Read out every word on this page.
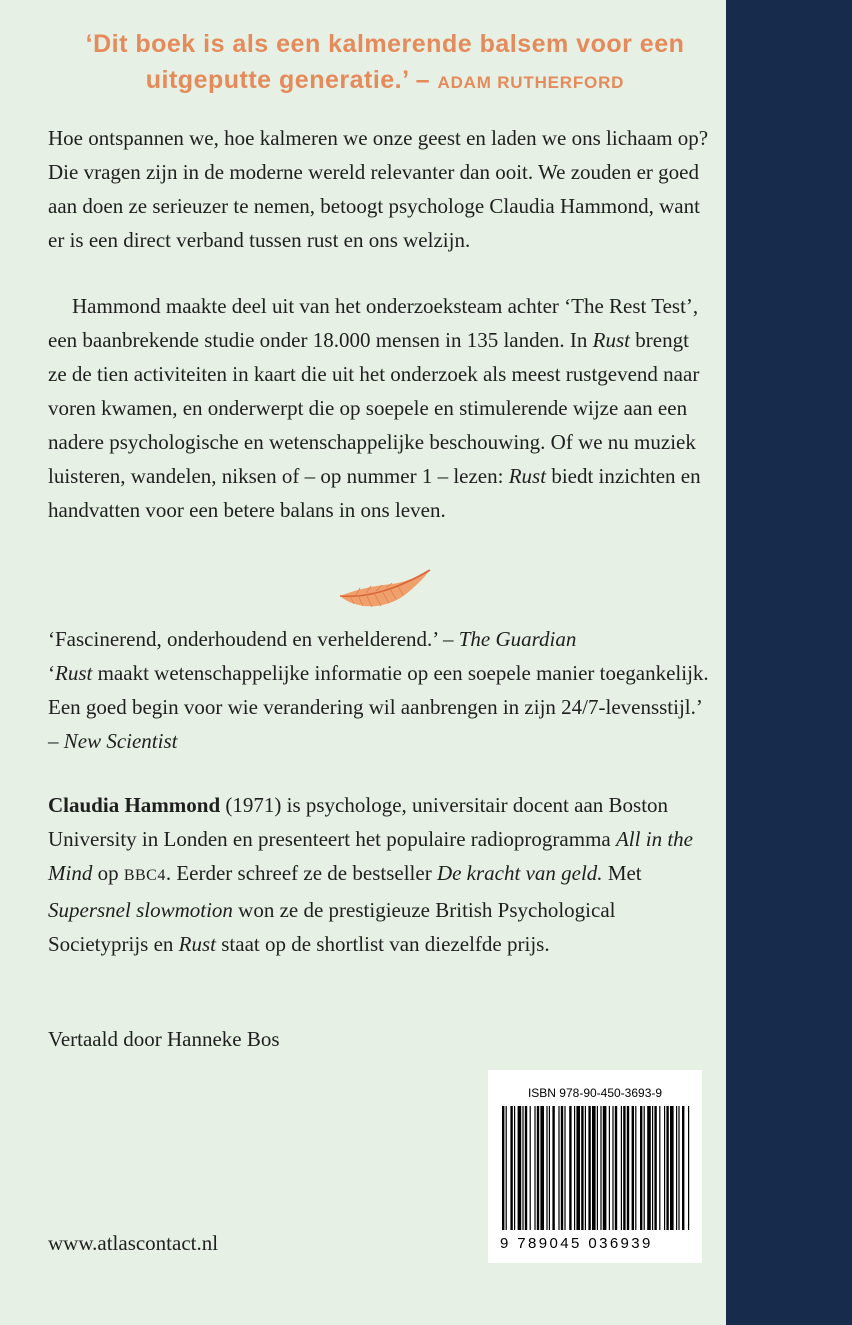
‘Dit boek is als een kalmerende balsem voor een uitgeputte generatie.’ – ADAM RUTHERFORD

Hoe ontspannen we, hoe kalmeren we onze geest en laden we ons lichaam op? Die vragen zijn in de moderne wereld relevanter dan ooit. We zouden er goed aan doen ze serieuzer te nemen, betoogt psychologe Claudia Hammond, want er is een direct verband tussen rust en ons welzijn.

Hammond maakte deel uit van het onderzoeksteam achter ‘The Rest Test’, een baanbrekende studie onder 18.000 mensen in 135 landen. In Rust brengt ze de tien activiteiten in kaart die uit het onderzoek als meest rustgevend naar voren kwamen, en onderwerpt die op soepele en stimulerende wijze aan een nadere psychologische en wetenschappelijke beschouwing. Of we nu muziek luisteren, wandelen, niksen of – op nummer 1 – lezen: Rust biedt inzichten en handvatten voor een betere balans in ons leven.

‘Fascinerend, onderhoudend en verhelderend.’ – The Guardian
‘Rust maakt wetenschappelijke informatie op een soepele manier toegankelijk. Een goed begin voor wie verandering wil aanbrengen in zijn 24/7-levensstijl.’ – New Scientist

Claudia Hammond (1971) is psychologe, universitair docent aan Boston University in Londen en presenteert het populaire radioprogramma All in the Mind op BBC4. Eerder schreef ze de bestseller De kracht van geld. Met Supersnel slowmotion won ze de prestigieuze British Psychological Societyprijs en Rust staat op de shortlist van diezelfde prijs.

Vertaald door Hanneke Bos

www.atlascontact.nl

ISBN 978-90-450-3693-9
9 789045 036939
